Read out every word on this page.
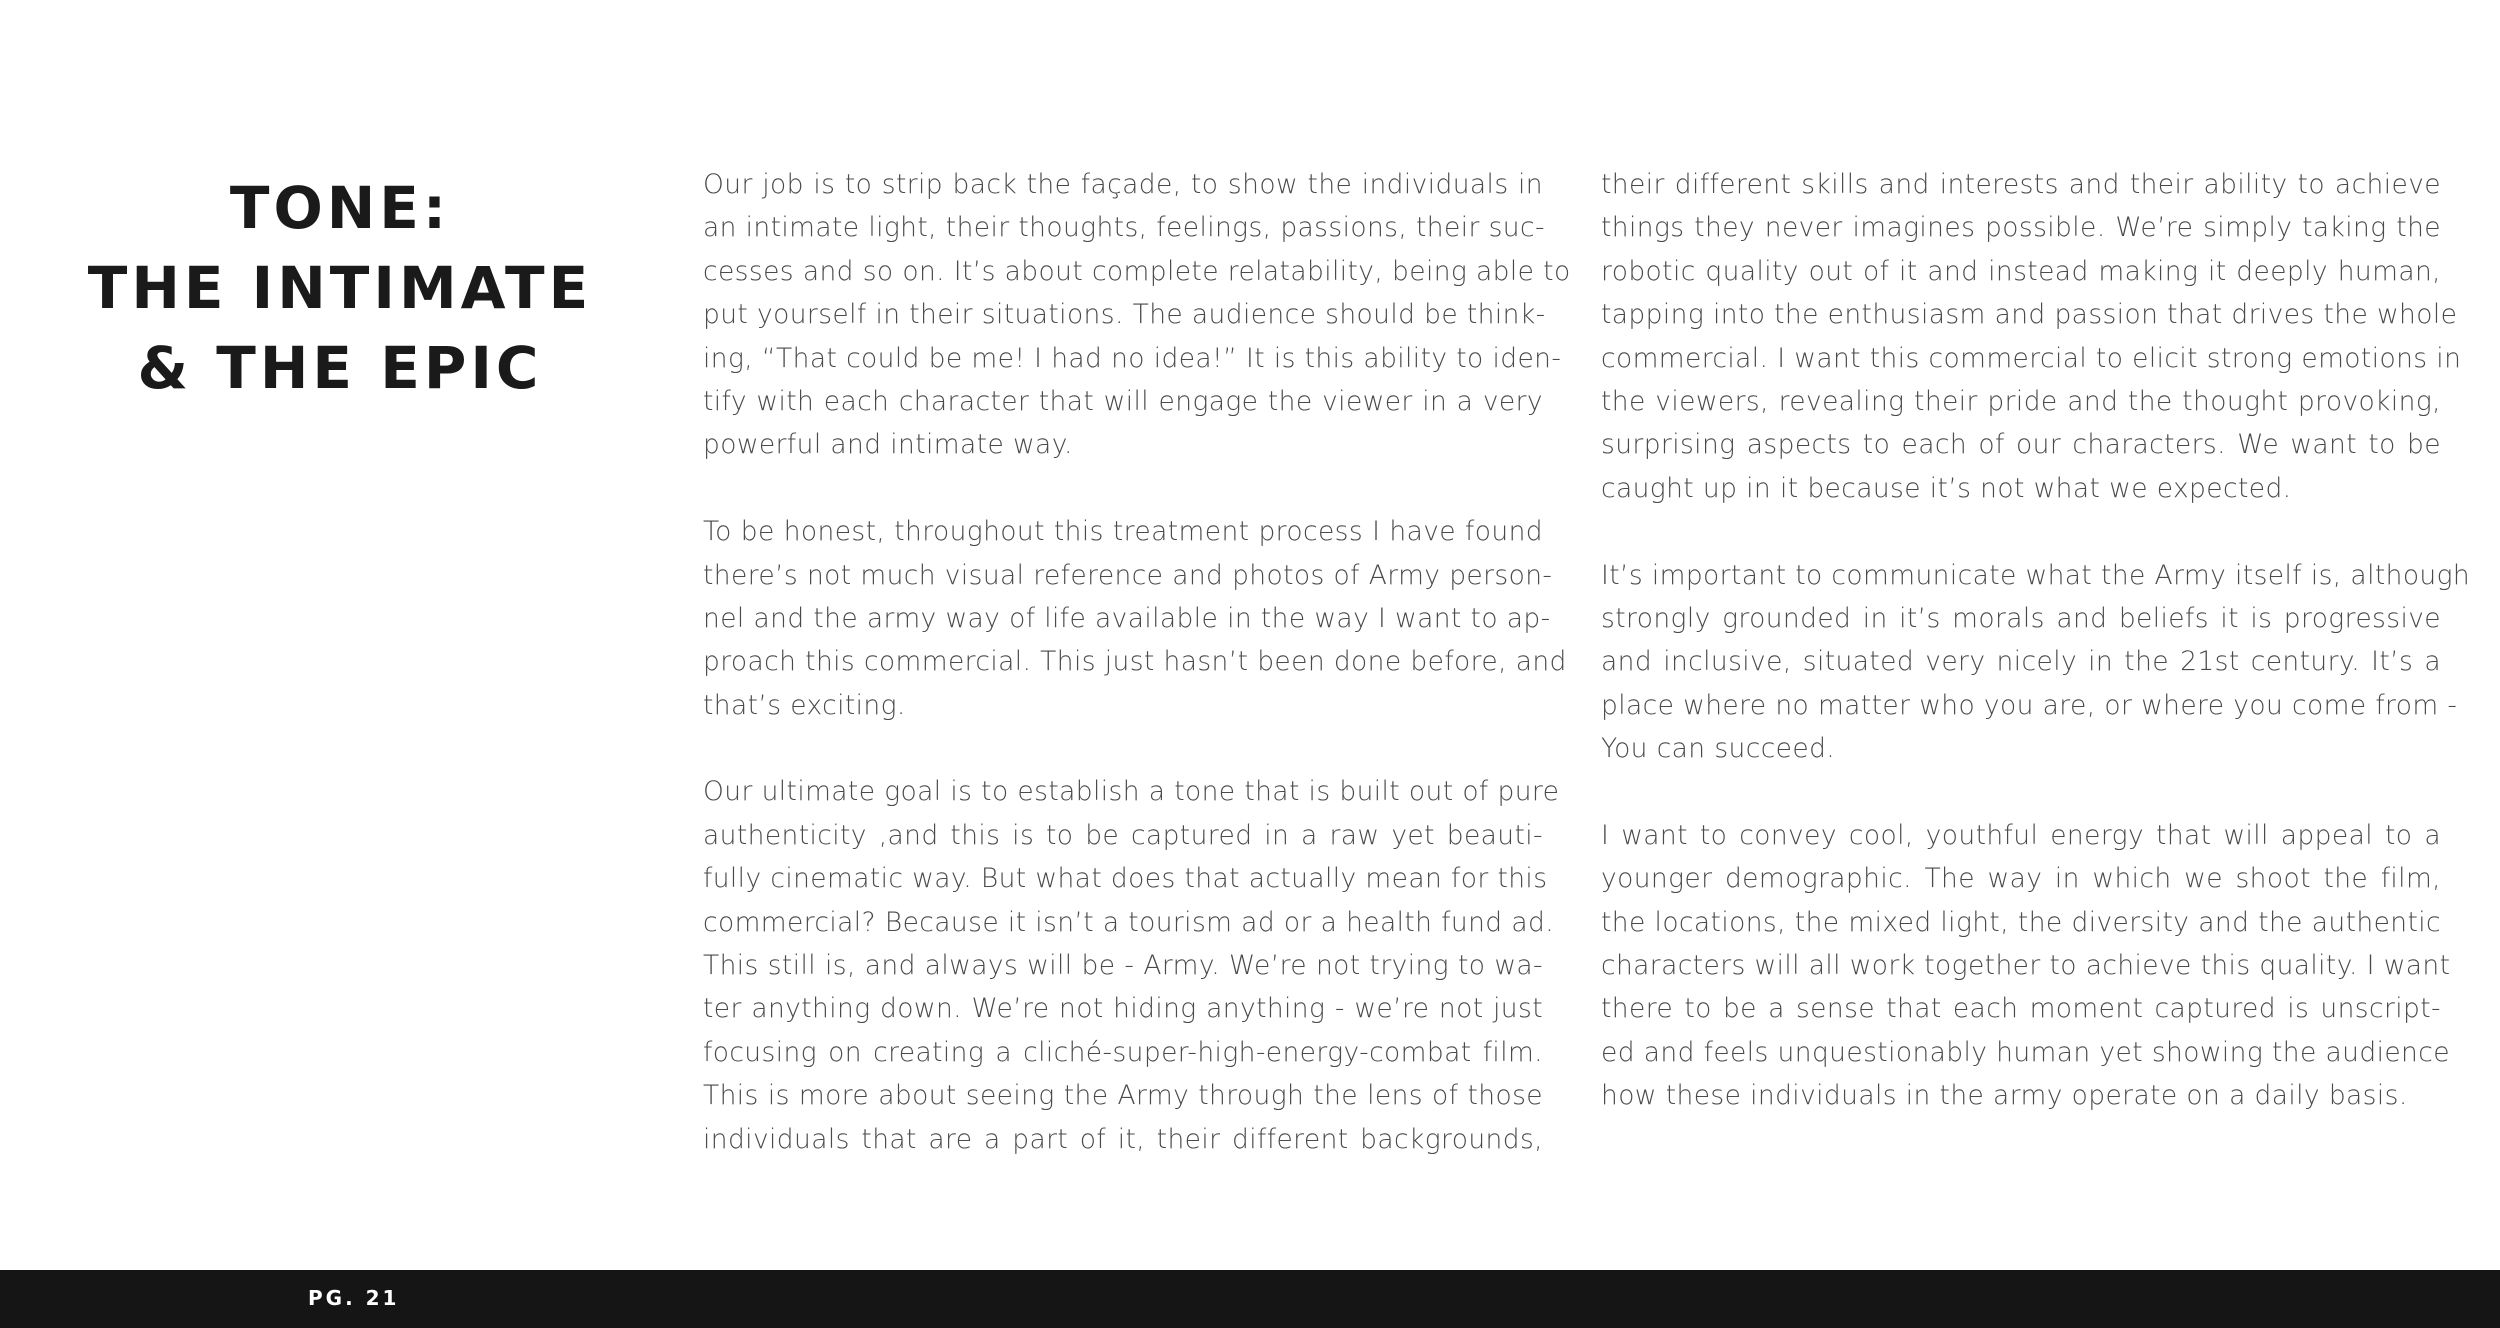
TONE:
THE INTIMATE
& THE EPIC

Our job is to strip back the façade, to show the individuals in
an intimate light, their thoughts, feelings, passions, their suc-
cesses and so on. It’s about complete relatability, being able to
put yourself in their situations. The audience should be think-
ing, “That could be me! I had no idea!” It is this ability to iden-
tify with each character that will engage the viewer in a very
powerful and intimate way.

To be honest, throughout this treatment process I have found
there’s not much visual reference and photos of Army person-
nel and the army way of life available in the way I want to ap-
proach this commercial. This just hasn’t been done before, and
that’s exciting.

Our ultimate goal is to establish a tone that is built out of pure
authenticity ,and this is to be captured in a raw yet beauti-
fully cinematic way. But what does that actually mean for this
commercial? Because it isn’t a tourism ad or a health fund ad.
This still is, and always will be - Army. We’re not trying to wa-
ter anything down. We’re not hiding anything - we’re not just
focusing on creating a cliché-super-high-energy-combat film.
This is more about seeing the Army through the lens of those
individuals that are a part of it, their different backgrounds,

their different skills and interests and their ability to achieve
things they never imagines possible. We’re simply taking the
robotic quality out of it and instead making it deeply human,
tapping into the enthusiasm and passion that drives the whole
commercial. I want this commercial to elicit strong emotions in
the viewers, revealing their pride and the thought provoking,
surprising aspects to each of our characters. We want to be
caught up in it because it’s not what we expected.

It’s important to communicate what the Army itself is, although
strongly grounded in it’s morals and beliefs it is progressive
and inclusive, situated very nicely in the 21st century. It’s a
place where no matter who you are, or where you come from -
You can succeed.

I want to convey cool, youthful energy that will appeal to a
younger demographic. The way in which we shoot the film,
the locations, the mixed light, the diversity and the authentic
characters will all work together to achieve this quality. I want
there to be a sense that each moment captured is unscript-
ed and feels unquestionably human yet showing the audience
how these individuals in the army operate on a daily basis.

PG. 21
